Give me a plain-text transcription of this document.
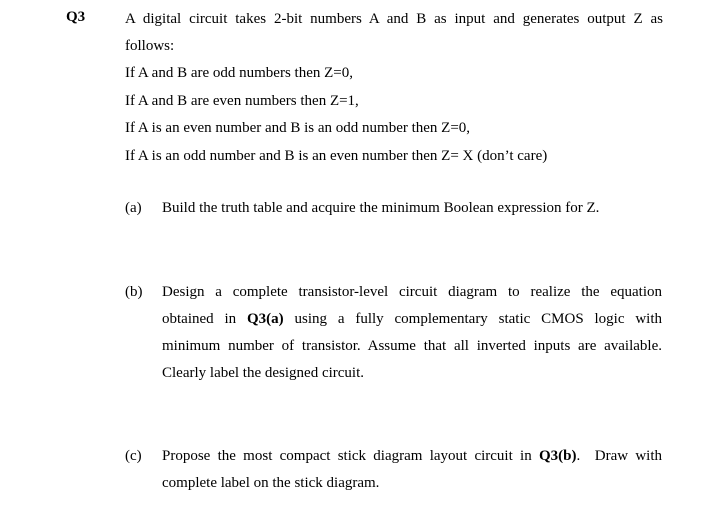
Q3	A digital circuit takes 2-bit numbers A and B as input and generates output Z as
follows:
If A and B are odd numbers then Z=0,
If A and B are even numbers then Z=1,
If A is an even number and B is an odd number then Z=0,
If A is an odd number and B is an even number then Z= X (don’t care)
(a) Build the truth table and acquire the minimum Boolean expression for Z.
(b) Design a complete transistor-level circuit diagram to realize the equation
obtained in Q3(a) using a fully complementary static CMOS logic with
minimum number of transistor. Assume that all inverted inputs are available.
Clearly label the designed circuit.
(c) Propose the most compact stick diagram layout circuit in Q3(b).  Draw with
complete label on the stick diagram.
